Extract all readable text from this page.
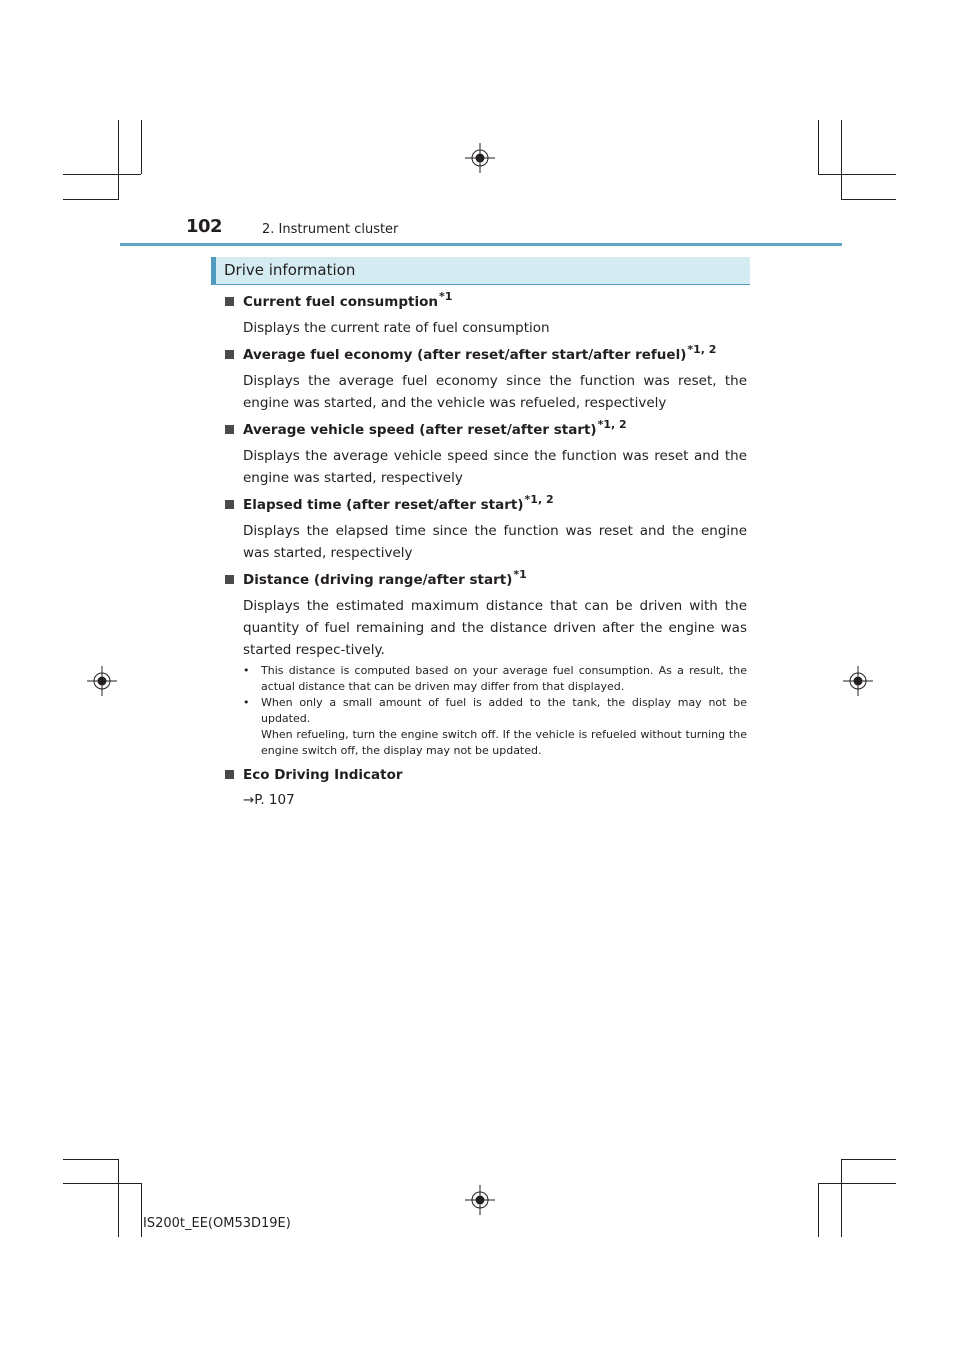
102	2. Instrument cluster
Drive information
Current fuel consumption *1
Displays the current rate of fuel consumption
Average fuel economy (after reset/after start/after refuel) *1, 2
Displays the average fuel economy since the function was reset, the engine was started, and the vehicle was refueled, respectively
Average vehicle speed (after reset/after start) *1, 2
Displays the average vehicle speed since the function was reset and the engine was started, respectively
Elapsed time (after reset/after start) *1, 2
Displays the elapsed time since the function was reset and the engine was started, respectively
Distance (driving range/after start) *1
Displays the estimated maximum distance that can be driven with the quantity of fuel remaining and the distance driven after the engine was started respec-tively.
•	This distance is computed based on your average fuel consumption. As a result, the actual distance that can be driven may differ from that displayed.
•	When only a small amount of fuel is added to the tank, the display may not be updated.
When refueling, turn the engine switch off. If the vehicle is refueled without turning the engine switch off, the display may not be updated.
Eco Driving Indicator
→P. 107
IS200t_EE(OM53D19E)
